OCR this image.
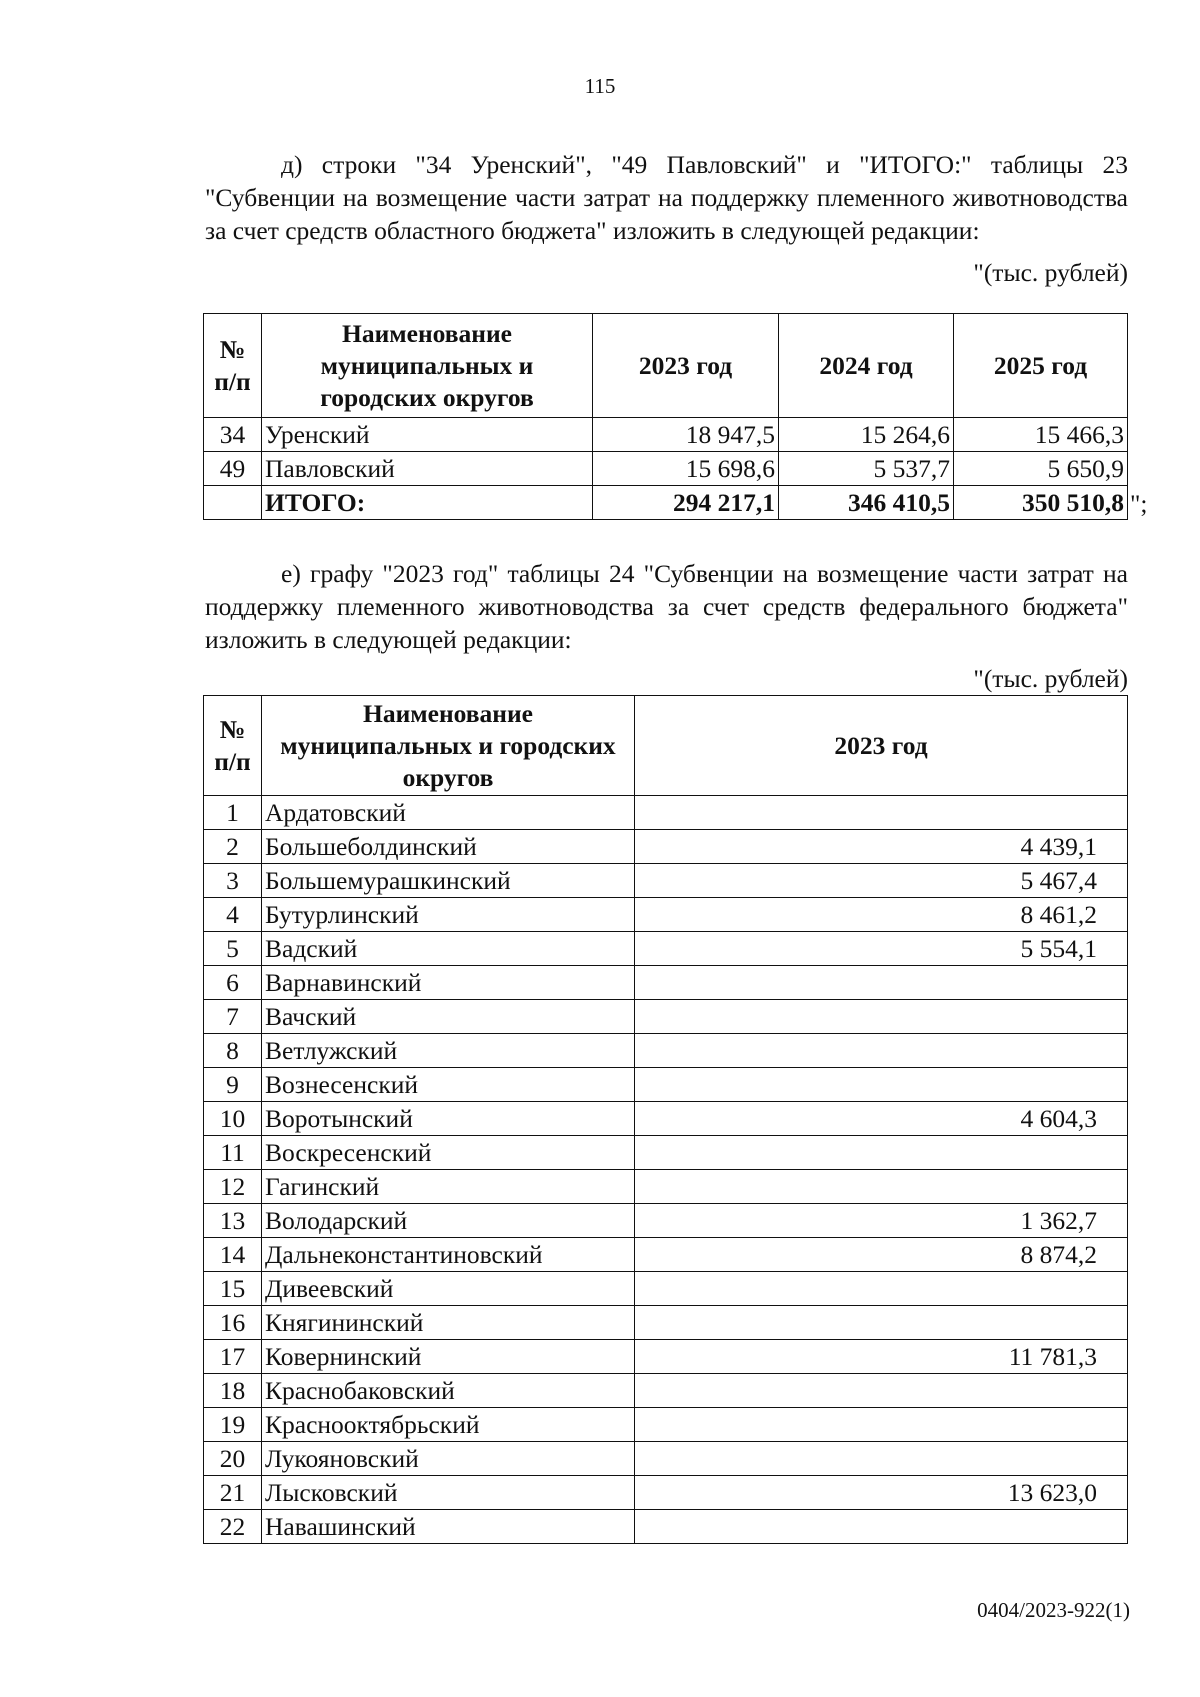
115

д) строки "34 Уренский", "49 Павловский" и "ИТОГО:" таблицы 23 "Субвенции на возмещение части затрат на поддержку племенного животноводства за счет средств областного бюджета" изложить в следующей редакции:

"(тыс. рублей)
№ п/п	Наименование муниципальных и городских округов	2023 год	2024 год	2025 год
34	Уренский	18 947,5	15 264,6	15 466,3
49	Павловский	15 698,6	5 537,7	5 650,9
	ИТОГО:	294 217,1	346 410,5	350 510,8 ";

е) графу "2023 год" таблицы 24 "Субвенции на возмещение части затрат на поддержку племенного животноводства за счет средств федерального бюджета" изложить в следующей редакции:

"(тыс. рублей)
№ п/п	Наименование муниципальных и городских округов	2023 год
1	Ардатовский	
2	Большеболдинский	4 439,1
3	Большемурашкинский	5 467,4
4	Бутурлинский	8 461,2
5	Вадский	5 554,1
6	Варнавинский	
7	Вачский	
8	Ветлужский	
9	Вознесенский	
10	Воротынский	4 604,3
11	Воскресенский	
12	Гагинский	
13	Володарский	1 362,7
14	Дальнеконстантиновский	8 874,2
15	Дивеевский	
16	Княгининский	
17	Ковернинский	11 781,3
18	Краснобаковский	
19	Краснооктябрьский	
20	Лукояновский	
21	Лысковский	13 623,0
22	Навашинский	
0404/2023-922(1)
